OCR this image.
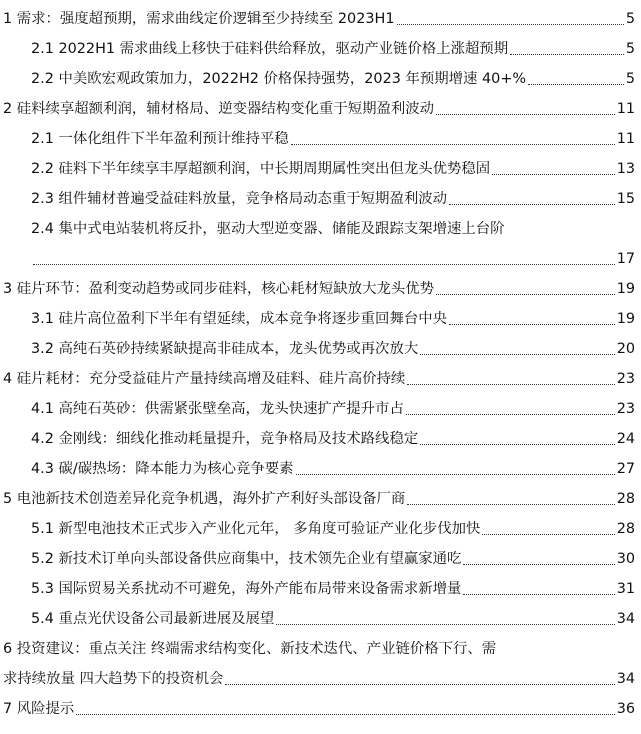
1 需求：强度超预期，需求曲线定价逻辑至少持续至 2023H1	5
2.1 2022H1 需求曲线上移快于硅料供给释放，驱动产业链价格上涨超预期	5
2.2 中美欧宏观政策加力，2022H2 价格保持强势，2023 年预期增速 40+%	5
2 硅料续享超额利润，辅材格局、逆变器结构变化重于短期盈利波动	11
2.1 一体化组件下半年盈利预计维持平稳	11
2.2 硅料下半年续享丰厚超额利润，中长期周期属性突出但龙头优势稳固	13
2.3 组件辅材普遍受益硅料放量，竞争格局动态重于短期盈利波动	15
2.4 集中式电站装机将反扑，驱动大型逆变器、储能及跟踪支架增速上台阶
17
3 硅片环节：盈利变动趋势或同步硅料，核心耗材短缺放大龙头优势	19
3.1 硅片高位盈利下半年有望延续，成本竞争将逐步重回舞台中央	19
3.2 高纯石英砂持续紧缺提高非硅成本，龙头优势或再次放大	20
4 硅片耗材：充分受益硅片产量持续高增及硅料、硅片高价持续	23
4.1 高纯石英砂：供需紧张壁垒高，龙头快速扩产提升市占	23
4.2 金刚线：细线化推动耗量提升，竞争格局及技术路线稳定	24
4.3 碳/碳热场：降本能力为核心竞争要素	27
5 电池新技术创造差异化竞争机遇，海外扩产利好头部设备厂商	28
5.1 新型电池技术正式步入产业化元年， 多角度可验证产业化步伐加快	28
5.2 新技术订单向头部设备供应商集中，技术领先企业有望赢家通吃	30
5.3 国际贸易关系扰动不可避免，海外产能布局带来设备需求新增量	31
5.4 重点光伏设备公司最新进展及展望	34
6 投资建议：重点关注 终端需求结构变化、新技术迭代、产业链价格下行、需
求持续放量 四大趋势下的投资机会	34
7 风险提示	36
